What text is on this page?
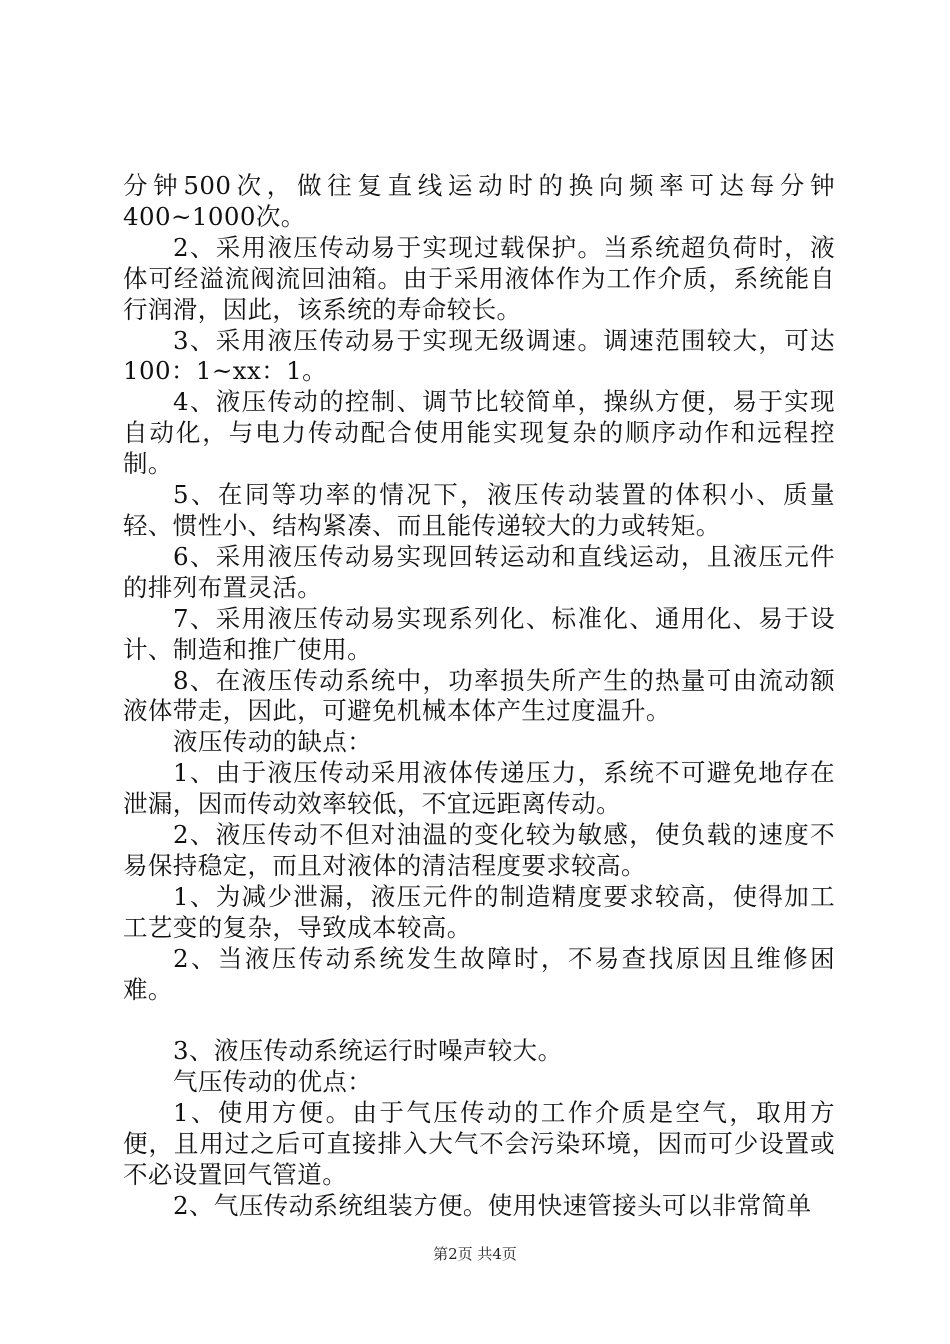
分钟500次，做往复直线运动时的换向频率可达每分钟400~1000次。

2、采用液压传动易于实现过载保护。当系统超负荷时，液体可经溢流阀流回油箱。由于采用液体作为工作介质，系统能自行润滑，因此，该系统的寿命较长。

3、采用液压传动易于实现无级调速。调速范围较大，可达100：1~xx：1。

4、液压传动的控制、调节比较简单，操纵方便，易于实现自动化，与电力传动配合使用能实现复杂的顺序动作和远程控制。

5、在同等功率的情况下，液压传动装置的体积小、质量轻、惯性小、结构紧凑、而且能传递较大的力或转矩。

6、采用液压传动易实现回转运动和直线运动，且液压元件的排列布置灵活。

7、采用液压传动易实现系列化、标准化、通用化、易于设计、制造和推广使用。

8、在液压传动系统中，功率损失所产生的热量可由流动额液体带走，因此，可避免机械本体产生过度温升。

液压传动的缺点：

1、由于液压传动采用液体传递压力，系统不可避免地存在泄漏，因而传动效率较低，不宜远距离传动。

2、液压传动不但对油温的变化较为敏感，使负载的速度不易保持稳定，而且对液体的清洁程度要求较高。

1、为减少泄漏，液压元件的制造精度要求较高，使得加工工艺变的复杂，导致成本较高。

2、当液压传动系统发生故障时，不易查找原因且维修困难。

3、液压传动系统运行时噪声较大。

气压传动的优点：

1、使用方便。由于气压传动的工作介质是空气，取用方便，且用过之后可直接排入大气不会污染环境，因而可少设置或不必设置回气管道。

2、气压传动系统组装方便。使用快速管接头可以非常简单

第2页 共4页
